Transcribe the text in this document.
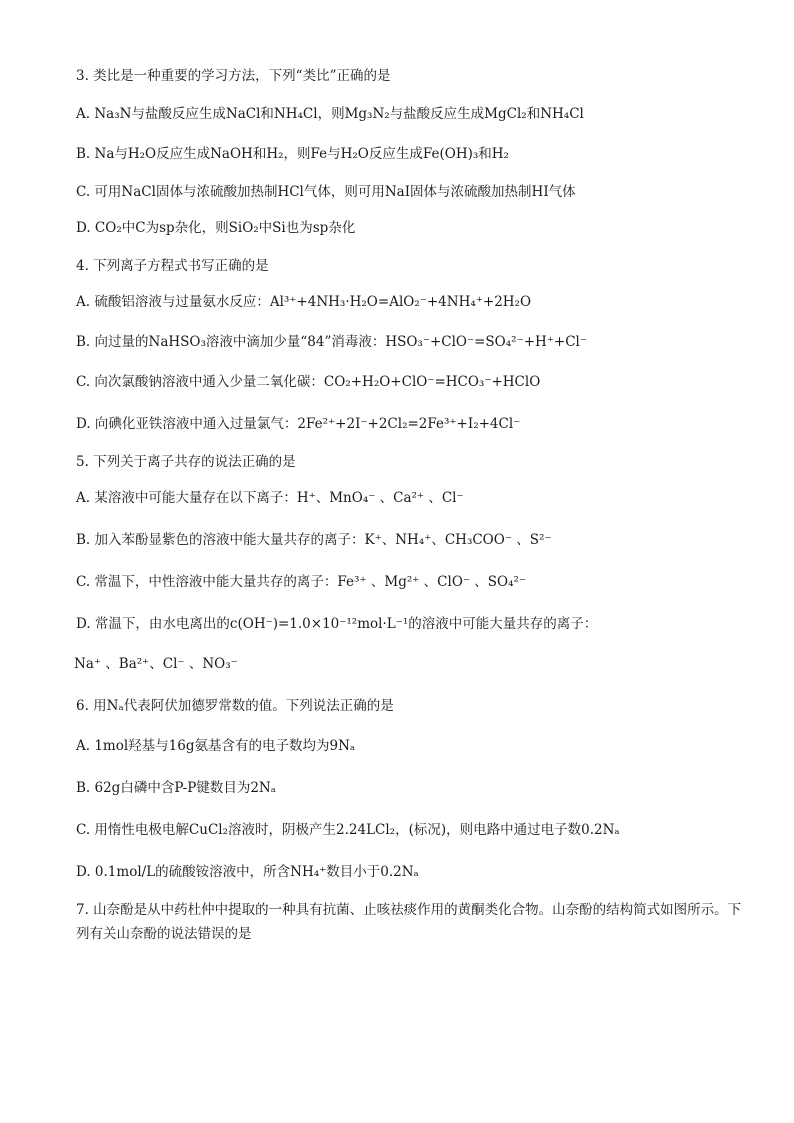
3. 类比是一种重要的学习方法，下列“类比”正确的是
A. Na₃N与盐酸反应生成NaCl和NH₄Cl，则Mg₃N₂与盐酸反应生成MgCl₂和NH₄Cl
B. Na与H₂O反应生成NaOH和H₂，则Fe与H₂O反应生成Fe(OH)₃和H₂
C. 可用NaCl固体与浓硫酸加热制HCl气体，则可用NaI固体与浓硫酸加热制HI气体
D. CO₂中C为sp杂化，则SiO₂中Si也为sp杂化
4. 下列离子方程式书写正确的是
A. 硫酸铝溶液与过量氨水反应：Al³⁺+4NH₃·H₂O=AlO₂⁻+4NH₄⁺+2H₂O
B. 向过量的NaHSO₃溶液中滴加少量“84”消毒液：HSO₃⁻+ClO⁻=SO₄²⁻+H⁺+Cl⁻
C. 向次氯酸钠溶液中通入少量二氧化碳：CO₂+H₂O+ClO⁻=HCO₃⁻+HClO
D. 向碘化亚铁溶液中通入过量氯气：2Fe²⁺+2I⁻+2Cl₂=2Fe³⁺+I₂+4Cl⁻
5. 下列关于离子共存的说法正确的是
A. 某溶液中可能大量存在以下离子：H⁺、MnO₄⁻ 、Ca²⁺ 、Cl⁻
B. 加入苯酚显紫色的溶液中能大量共存的离子：K⁺、NH₄⁺、CH₃COO⁻ 、S²⁻
C. 常温下，中性溶液中能大量共存的离子：Fe³⁺ 、Mg²⁺ 、ClO⁻ 、SO₄²⁻
D. 常温下，由水电离出的c(OH⁻)=1.0×10⁻¹²mol·L⁻¹的溶液中可能大量共存的离子：
Na⁺ 、Ba²⁺、Cl⁻ 、NO₃⁻
6. 用Nₐ代表阿伏加德罗常数的值。下列说法正确的是
A. 1mol羟基与16g氨基含有的电子数均为9Nₐ
B. 62g白磷中含P-P键数目为2Nₐ
C. 用惰性电极电解CuCl₂溶液时，阴极产生2.24LCl₂，(标况)，则电路中通过电子数0.2Nₐ
D. 0.1mol/L的硫酸铵溶液中，所含NH₄⁺数目小于0.2Nₐ
7. 山奈酚是从中药杜仲中提取的一种具有抗菌、止咳祛痰作用的黄酮类化合物。山奈酚的结构简式如图所示。下列有关山奈酚的说法错误的是
